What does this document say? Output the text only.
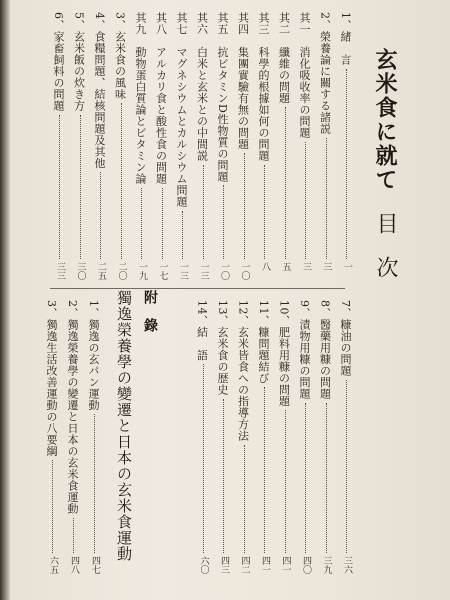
玄米食に就て
目　次
1、緒　言
一
2、榮養論に關する諸説
三
其一　消化吸收率の問題
三
其二　纖維の問題
五
其三　科學的根據如何の問題
八
其四　集團實驗有無の問題
一〇
其五　抗ビタミンD性物質の問題
一〇
其六　白米と玄米との中間説
一三
其七　マグネシウムとカルシウム問題
一三
其八　アルカリ食と酸性食の問題
一七
其九　動物蛋白質論とビタミン論
一九
3、玄米食の風味
二〇
4、食糧問題、結核問題及其他
二五
5、玄米飯の炊き方
三〇
6、家畜飼料の問題
三三
7、糠油の問題
三六
8、醫藥用糠の問題
三九
9、漬物用糠の問題
四〇
10、肥料用糠の問題
四一
11、糠問題結び
四一
12、玄米皆食への指導方法
四二
13、玄米食の歴史
四三
14、結　語
六〇
附　錄
獨逸榮養學の變遷と日本の玄米食運動
1、獨逸の玄パン運動
四七
2、獨逸榮養學の變遷と日本の玄米食運動
四八
3、獨逸生活改善運動の八要綱
六五
